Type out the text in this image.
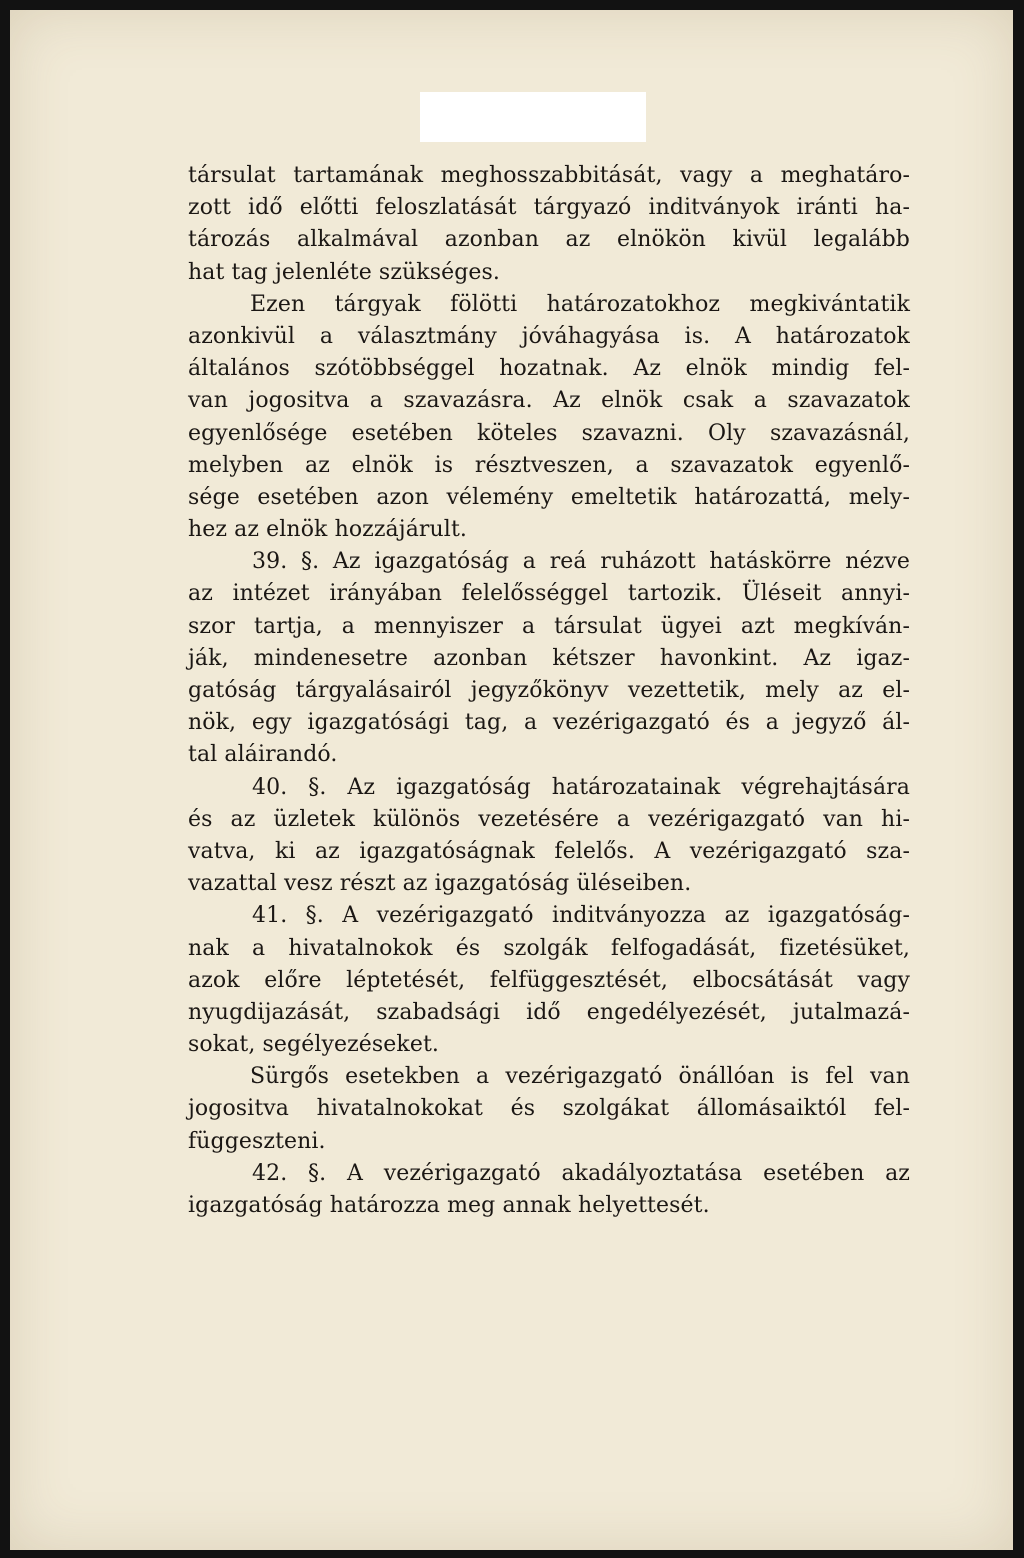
társulat tartamának meghosszabbitását, vagy a meghatáro-
zott idő előtti feloszlatását tárgyazó inditványok iránti ha-
tározás alkalmával azonban az elnökön kivül legalább
hat tag jelenléte szükséges.
Ezen tárgyak fölötti határozatokhoz megkivántatik
azonkivül a választmány jóváhagyása is. A határozatok
általános szótöbbséggel hozatnak. Az elnök mindig fel-
van jogositva a szavazásra. Az elnök csak a szavazatok
egyenlősége esetében köteles szavazni. Oly szavazásnál,
melyben az elnök is résztveszen, a szavazatok egyenlő-
sége esetében azon vélemény emeltetik határozattá, mely-
hez az elnök hozzájárult.
39. §. Az igazgatóság a reá ruházott hatáskörre nézve
az intézet irányában felelősséggel tartozik. Üléseit annyi-
szor tartja, a mennyiszer a társulat ügyei azt megkíván-
ják, mindenesetre azonban kétszer havonkint. Az igaz-
gatóság tárgyalásairól jegyzőkönyv vezettetik, mely az el-
nök, egy igazgatósági tag, a vezérigazgató és a jegyző ál-
tal aláirandó.
40. §. Az igazgatóság határozatainak végrehajtására
és az üzletek különös vezetésére a vezérigazgató van hi-
vatva, ki az igazgatóságnak felelős. A vezérigazgató sza-
vazattal vesz részt az igazgatóság üléseiben.
41. §. A vezérigazgató inditványozza az igazgatóság-
nak a hivatalnokok és szolgák felfogadását, fizetésüket,
azok előre léptetését, felfüggesztését, elbocsátását vagy
nyugdijazását, szabadsági idő engedélyezését, jutalmazá-
sokat, segélyezéseket.
Sürgős esetekben a vezérigazgató önállóan is fel van
jogositva hivatalnokokat és szolgákat állomásaiktól fel-
függeszteni.
42. §. A vezérigazgató akadályoztatása esetében az
igazgatóság határozza meg annak helyettesét.
